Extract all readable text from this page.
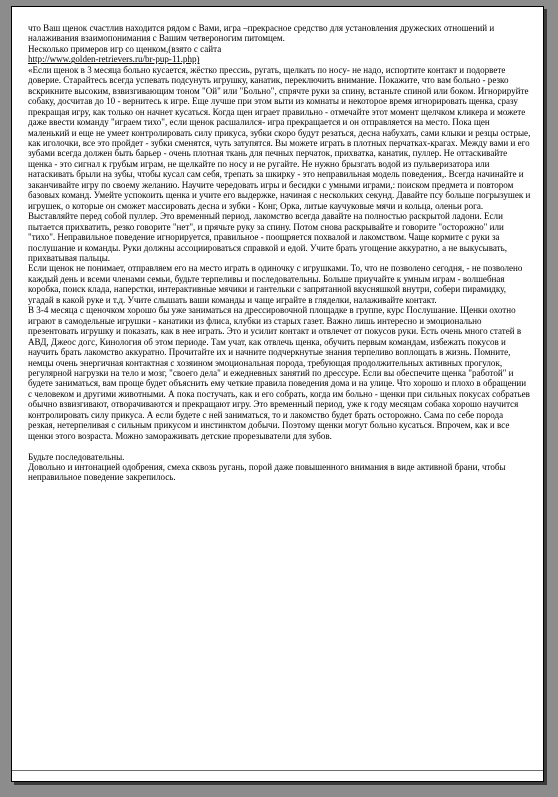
что Ваш щенок счастлив находится рядом с Вами, игра –прекрасное средство для установления дружеских отношений и налаживания взаимопонимания с Вашим четвероногим питомцем.

Несколько примеров игр со щенком,(взято с сайта

http://www.golden-retrievers.ru/br-pup-11.php)

«Если щенок в 3 месяца больно кусается, жёстко прессиь, ругать, щелкать по носу- не надо, испортите контакт и подорвете доверие. Старайтесь всегда успевать подсунуть игрушку, канатик, переключить внимание. Покажите, что вам больно - резко вскрикните высоким, взвизгивающим тоном "Ой" или "Больно", спрячте руки за спину, встаньте спиной или боком. Игнорируйте собаку, досчитав до 10 - вернитесь к игре. Еще лучше при этом выти из комнаты и некоторое время игнорировать щенка, сразу прекращая игру, как только он начнет кусаться. Когда щен играет правильно - отмечайте этот момент щелчком кликера и можете даже ввести команду "играем тихо", если щенок расшалился- игра прекращается и он отправляется на место. Пока щен маленький и еще не умеет контролировать силу прикуса, зубки скоро будут резаться, десна набухать, сами клыки и резцы острые, как иголочки, все это пройдет - зубки сменятся, чуть затупятся. Вы можете играть в плотных перчатках-крагах. Между вами и его зубами всегда должен быть барьер - очень плотная ткань для печных перчаток, прихватка, канатик, пуллер. Не оттаскивайте щенка - это сигнал к грубым играм, не щелкайте по носу и не ругайте. Не нужно брызгать водой из пульверизатора или натаскивать брыли на зубы, чтобы кусал сам себя, трепать за шкирку - это неправильная модель поведения,. Всегда начинайте и заканчивайте игру по своему желанию. Научите чередовать игры и бесидки с умными играми,: поиском предмета и повтором базовых команд. Умейте успокоить щенка и учите его выдержке, начиная с нескольких секунд. Давайте псу больше погрызушек и игрушек, о которые он сможет массировать десна и зубки - Конг, Орка, литые каучуковые мячи и кольца, оленьи рога. Выставляйте перед собой пуллер. Это временный период, лакомство всегда давайте на полностью раскрытой ладони. Если пытается прихватить, резко говорите "нет", и прячьте руку за спину. Потом снова раскрывайте и говорите "осторожно" или "тихо". Неправильное поведение игнорируется, правильное - поощряется похвалой и лакомством. Чаще кормите с руки за послушание и команды. Руки должны ассоциироваться справкой и едой. Учите брать угощение аккуратно, а не выкусывать, прихватывая пальцы.

Если щенок не понимает, отправляем его на место играть в одиночку с игрушками. То, что не позволено сегодня, - не позволено каждый день и всеми членами семьи, будьте терпеливы и последовательны. Больше приучайте к умным играм - волшебная коробка, поиск клада, наперстки, интерактивные мячики и гантельки с запрятанной вкусняшкой внутри, собери пирамидку, угадай в какой руке и т.д. Учите слышать ваши команды и чаще играйте в гляделки, налаживайте контакт.

В 3-4 месяца с щеночком хорошо бы уже заниматься на дрессировочной площадке в группе, курс Послушание. Щенки охотно играют в самодельные игрушки - канатики из флиса, клубки из старых газет. Важно лишь интересно и эмоционально презентовать игрушку и показать, как в нее играть. Это и усилит контакт и отвлечет от покусов руки. Есть очень много статей в АВД, Джеос догс, Кинология об этом периоде. Там учат, как отвлечь щенка, обучить первым командам, избежать покусов и научить брать лакомство аккуратно. Прочитайте их и начните подчеркнутые знания терпеливо воплощать в жизнь. Помните, немцы очень энергичная контактная с хозяином эмоциональная порода, требующая продолжительных активных прогулок, регулярной нагрузки на тело и мозг, "своего дела" и ежедневных занятий по дрессуре. Если вы обеспечите щенка "работой" и будете заниматься, вам проще будет объяснить ему четкие правила поведения дома и на улице. Что хорошо и плохо в обращении с человеком и другими животными. А пока постучать, как и его собрать, когда им больно - щенки при сильных покусах собратьев обычно взвизгивают, отворачиваются и прекращают игру. Это временный период, уже к году месяцам собака хорошо научится контролировать силу прикуса. А если будете с ней заниматься, то и лакомство будет брать осторожно. Сама по себе порода резкая, нетерпеливая с сильным прикусом и инстинктом добычи. Поэтому щенки могут больно кусаться. Впрочем, как и все щенки этого возраста. Можно замораживать детские прорезыватели для зубов.

Будьте последовательны.

Довольно и интонацией одобрения, смеха сквозь ругань, порой даже повышенного внимания в виде активной брани, чтобы неправильное поведение закрепилось.
